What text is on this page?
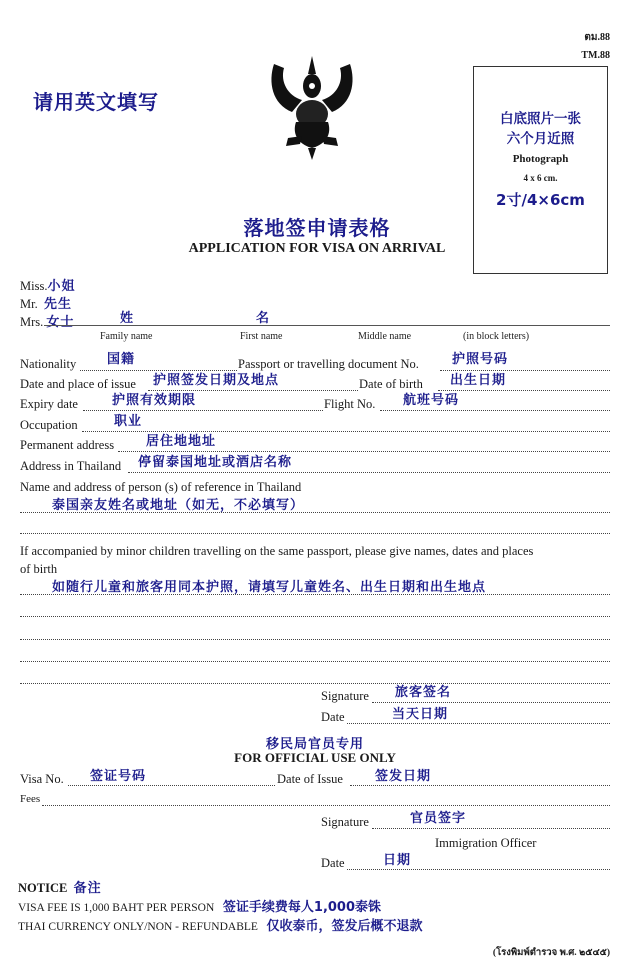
请用英文填写
ตม.88
TM.88
白底照片一张
六个月近照
Photograph
4 x 6 cm.
2寸/4×6cm
落地签申请表格
APPLICATION FOR VISA ON ARRIVAL
Miss.小姐
Mr. 先生
Mrs. 女士	姓	名
Family name	First name	Middle name	(in block letters)
Nationality 国籍	Passport or travelling document No.	护照号码
Date and place of issue 护照签发日期及地点	Date of birth 出生日期
Expiry date	护照有效期限	Flight No. 航班号码
Occupation	职业
Permanent address 居住地地址
Address in Thailand 停留泰国地址或酒店名称
Name and address of person (s) of reference in Thailand
泰国亲友姓名或地址（如无，不必填写）
If accompanied by minor children travelling on the same passport, please give names, dates and places
of birth
如随行儿童和旅客用同本护照，请填写儿童姓名、出生日期和出生地点
Signature 旅客签名
Date	当天日期
移民局官员专用
FOR OFFICIAL USE ONLY
Visa No. 签证号码	Date of Issue 签发日期
Fees
Signature	官员签字
Immigration Officer
Date	日期
NOTICE 备注
VISA FEE IS 1,000 BAHT PER PERSON 签证手续费每人1,000泰铢
THAI CURRENCY ONLY/NON - REFUNDABLE 仅收泰币，签发后概不退款
(โรงพิมพ์ตำรวจ พ.ศ. ๒๕๔๕)
